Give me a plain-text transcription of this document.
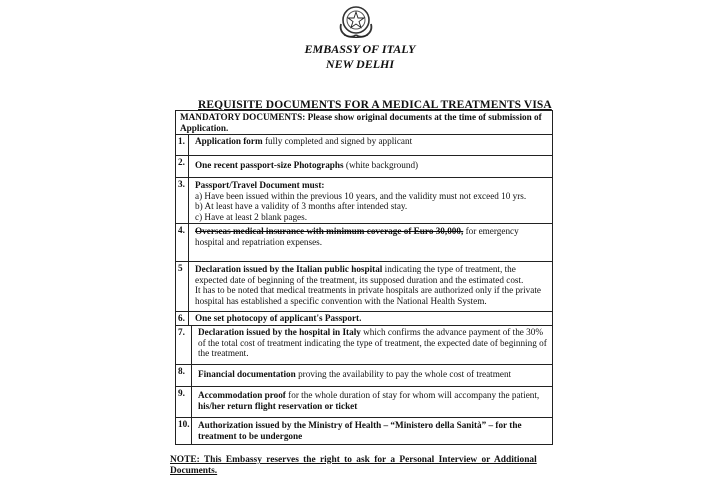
EMBASSY OF ITALY
NEW DELHI
REQUISITE DOCUMENTS FOR A MEDICAL TREATMENTS VISA
MANDATORY DOCUMENTS: Please show original documents at the time of submission of Application.
1.	Application form fully completed and signed by applicant
2.	One recent passport-size Photographs (white background)
3.	Passport/Travel Document must:
a) Have been issued within the previous 10 years, and the validity must not exceed 10 yrs.
b) At least have a validity of 3 months after intended stay.
c) Have at least 2 blank pages.
4.	Overseas medical insurance with minimum coverage of Euro 30,000, for emergency hospital and repatriation expenses.
5	Declaration issued by the Italian public hospital indicating the type of treatment, the expected date of beginning of the treatment, its supposed duration and the estimated cost.
It has to be noted that medical treatments in private hospitals are authorized only if the private hospital has established a specific convention with the National Health System.
6.	One set photocopy of applicant's Passport.
7.	Declaration issued by the hospital in Italy which confirms the advance payment of the 30% of the total cost of treatment indicating the type of treatment, the expected date of beginning of the treatment.
8.	Financial documentation proving the availability to pay the whole cost of treatment
9.	Accommodation proof for the whole duration of stay for whom will accompany the patient, his/her return flight reservation or ticket
10. Authorization issued by the Ministry of Health – “Ministero della Sanità” – for the treatment to be undergone
NOTE: This Embassy reserves the right to ask for a Personal Interview or Additional Documents.
